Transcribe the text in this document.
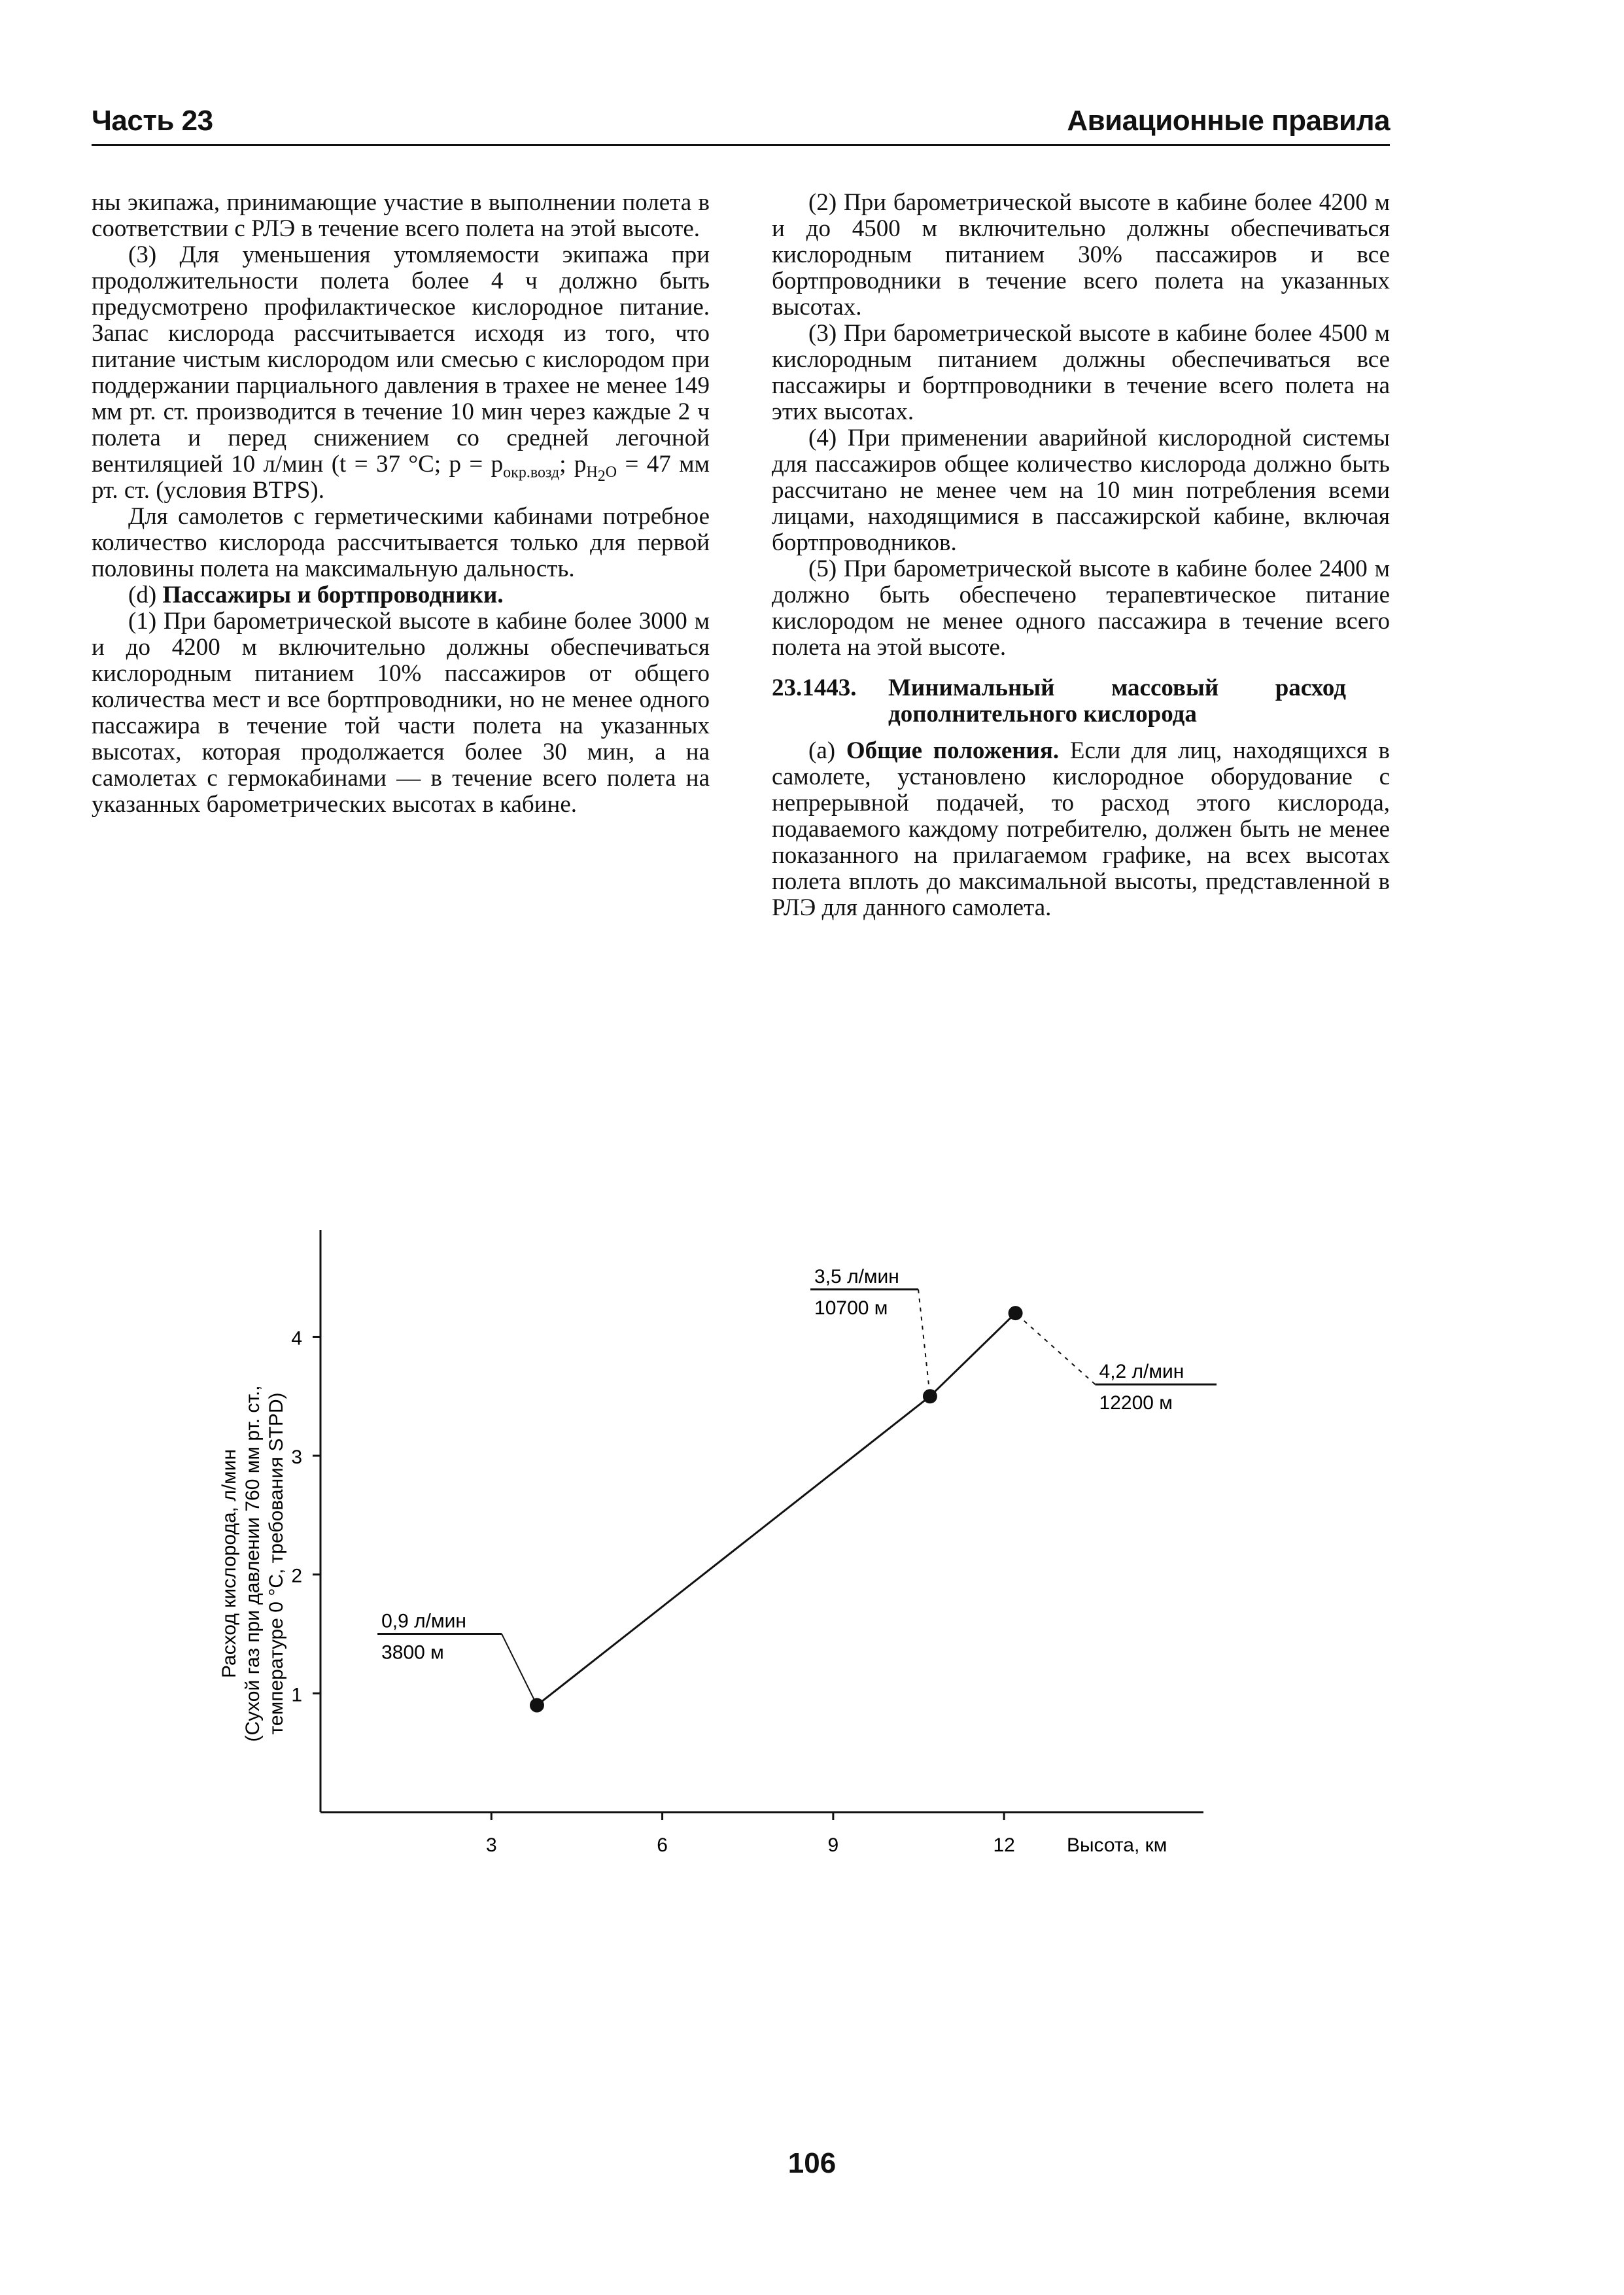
Часть 23	Авиационные правила

ны экипажа, принимающие участие в выполнении полета в соответствии с РЛЭ в течение всего полета на этой высоте.

(3) Для уменьшения утомляемости экипажа при продолжительности полета более 4 ч должно быть предусмотрено профилактическое кислородное питание. Запас кислорода рассчитывается исходя из того, что питание чистым кислородом или смесью с кислородом при поддержании парциального давления в трахее не менее 149 мм рт. ст. производится в течение 10 мин через каждые 2 ч полета и перед снижением со средней легочной вентиляцией 10 л/мин (t = 37 °C; $p = p_{окр.возд}$; $p_{H_2O} = 47$ мм рт. ст. (условия BTPS).

Для самолетов с герметическими кабинами потребное количество кислорода рассчитывается только для первой половины полета на максимальную дальность.

(d) Пассажиры и бортпроводники.

(1) При барометрической высоте в кабине более 3000 м и до 4200 м включительно должны обеспечиваться кислородным питанием 10% пассажиров от общего количества мест и все бортпроводники, но не менее одного пассажира в течение той части полета на указанных высотах, которая продолжается более 30 мин, а на самолетах с гермокабинами — в течение всего полета на указанных барометрических высотах в кабине.

(2) При барометрической высоте в кабине более 4200 м и до 4500 м включительно должны обеспечиваться кислородным питанием 30% пассажиров и все бортпроводники в течение всего полета на указанных высотах.

(3) При барометрической высоте в кабине более 4500 м кислородным питанием должны обеспечиваться все пассажиры и бортпроводники в течение всего полета на этих высотах.

(4) При применении аварийной кислородной системы для пассажиров общее количество кислорода должно быть рассчитано не менее чем на 10 мин потребления всеми лицами, находящимися в пассажирской кабине, включая бортпроводников.

(5) При барометрической высоте в кабине более 2400 м должно быть обеспечено терапевтическое питание кислородом не менее одного пассажира в течение всего полета на этой высоте.

23.1443. Минимальный массовый расход дополнительного кислорода

(a) Общие положения. Если для лиц, находящихся в самолете, установлено кислородное оборудование с непрерывной подачей, то расход этого кислорода, подаваемого каждому потребителю, должен быть не менее показанного на прилагаемом графике, на всех высотах полета вплоть до максимальной высоты, представленной в РЛЭ для данного самолета.

1
2
3
4
3	6	9	12	Высота, км
Расход кислорода, л/мин (Сухой газ при давлении 760 мм рт. ст., температуре 0 °С, требования STPD)	0,9 л/мин
3800 м
3,5 л/мин
10700 м
4,2 л/мин
12200 м
106
